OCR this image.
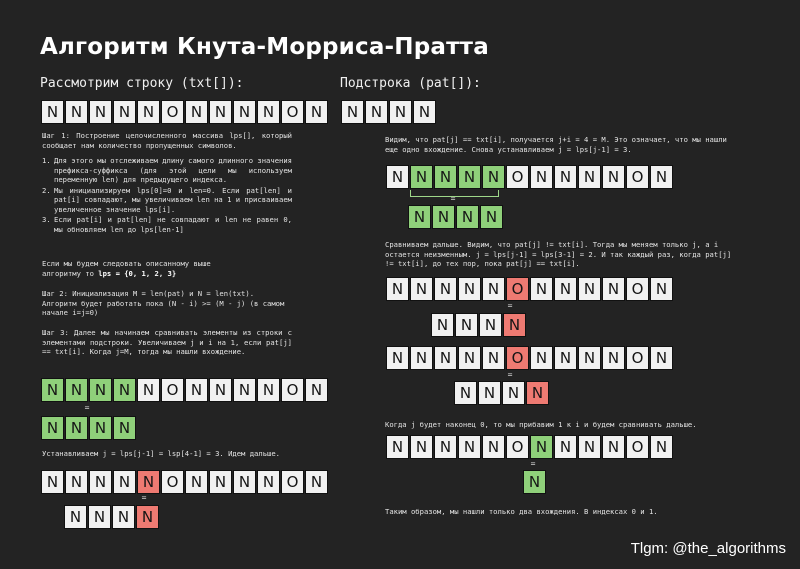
Алгоритм Кнута-Морриса-Пратта
Рассмотрим строку (txt[]):
N N N N N O N N N N O N
Шаг 1: Построение целочисленного массива lps[], который сообщает нам количество пропущенных символов.
1. Для этого мы отслеживаем длину самого длинного значения префикса-суффикса (для этой цели мы используем переменную len) для предыдущего индекса.
2. Мы инициализируем lps[0]=0 и len=0. Если pat[len] и pat[i] совпадают, мы увеличиваем len на 1 и присваиваем увеличенное значение lps[i].
3. Если pat[i] и pat[len] не совпадают и len не равен 0, мы обновляем len до lps[len-1]
Если мы будем следовать описанному выше алгоритму то lps = {0, 1, 2, 3}
Шаг 2: Инициализация M = len(pat) и N = len(txt). Алгоритм будет работать пока (N - i) >= (M - j) (в самом начале i=j=0)
Шаг 3: Далее мы начинаем сравнивать элементы из строки с элементами подстроки. Увеличиваем j и i на 1, если pat[j] == txt[i]. Когда j=M, тогда мы нашли вхождение.
N N N N N O N N N N O N
=
N N N N
Устанавливаем j = lps[j-1] = lsp[4-1] = 3. Идем дальше.
N N N N N O N N N N O N
=
N N N N
Подстрока (pat[]):
N N N N
Видим, что pat[j] == txt[i], получается j+i = 4 = M. Это означает, что мы нашли еще одно вхождение. Снова устанавливаем j = lps[j-1] = 3.
N N N N N O N N N N O N
=
N N N N
Сравниваем дальше. Видим, что pat[j] != txt[i]. Тогда мы меняем только j, а i остается неизменным. j = lps[j-1] = lps[3-1] = 2. И так каждый раз, когда pat[j] != txt[i], до тех пор, пока pat[j] == txt[i].
N N N N N O N N N N O N
=
N N N N
N N N N N O N N N N O N
=
N N N N
Когда j будет наконец 0, то мы прибавим 1 к i и будем сравнивать дальше.
N N N N N O N N N N O N
=
N
Таким образом, мы нашли только два вхождения. В индексах 0 и 1.
Tlgm: @the_algorithms
